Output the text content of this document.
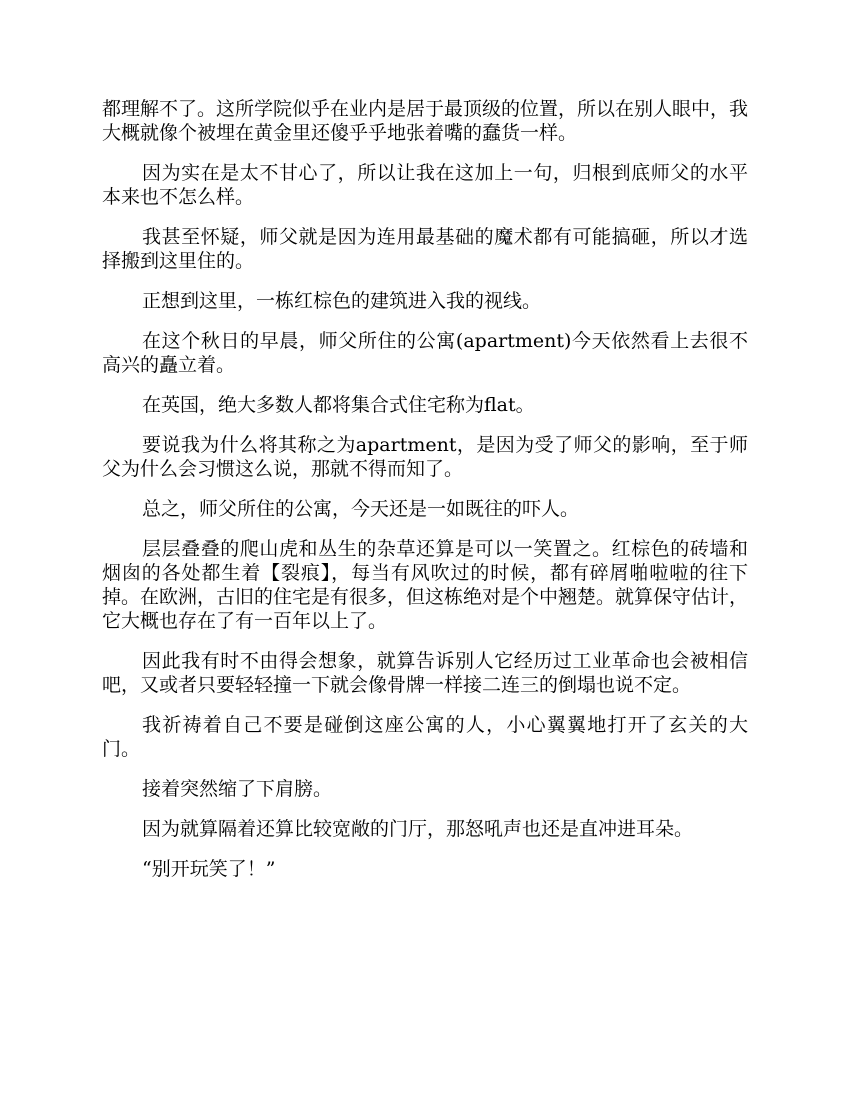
都理解不了。这所学院似乎在业内是居于最顶级的位置，所以在别人眼中，我大概就像个被埋在黄金里还傻乎乎地张着嘴的蠢货一样。

因为实在是太不甘心了，所以让我在这加上一句，归根到底师父的水平本来也不怎么样。

我甚至怀疑，师父就是因为连用最基础的魔术都有可能搞砸，所以才选择搬到这里住的。

正想到这里，一栋红棕色的建筑进入我的视线。

在这个秋日的早晨，师父所住的公寓(apartment)今天依然看上去很不高兴的矗立着。

在英国，绝大多数人都将集合式住宅称为flat。

要说我为什么将其称之为apartment，是因为受了师父的影响，至于师父为什么会习惯这么说，那就不得而知了。

总之，师父所住的公寓，今天还是一如既往的吓人。

层层叠叠的爬山虎和丛生的杂草还算是可以一笑置之。红棕色的砖墙和烟囱的各处都生着【裂痕】，每当有风吹过的时候，都有碎屑啪啦啦的往下掉。在欧洲，古旧的住宅是有很多，但这栋绝对是个中翘楚。就算保守估计，它大概也存在了有一百年以上了。

因此我有时不由得会想象，就算告诉别人它经历过工业革命也会被相信吧，又或者只要轻轻撞一下就会像骨牌一样接二连三的倒塌也说不定。

我祈祷着自己不要是碰倒这座公寓的人，小心翼翼地打开了玄关的大门。

接着突然缩了下肩膀。

因为就算隔着还算比较宽敞的门厅，那怒吼声也还是直冲进耳朵。

“别开玩笑了！”
